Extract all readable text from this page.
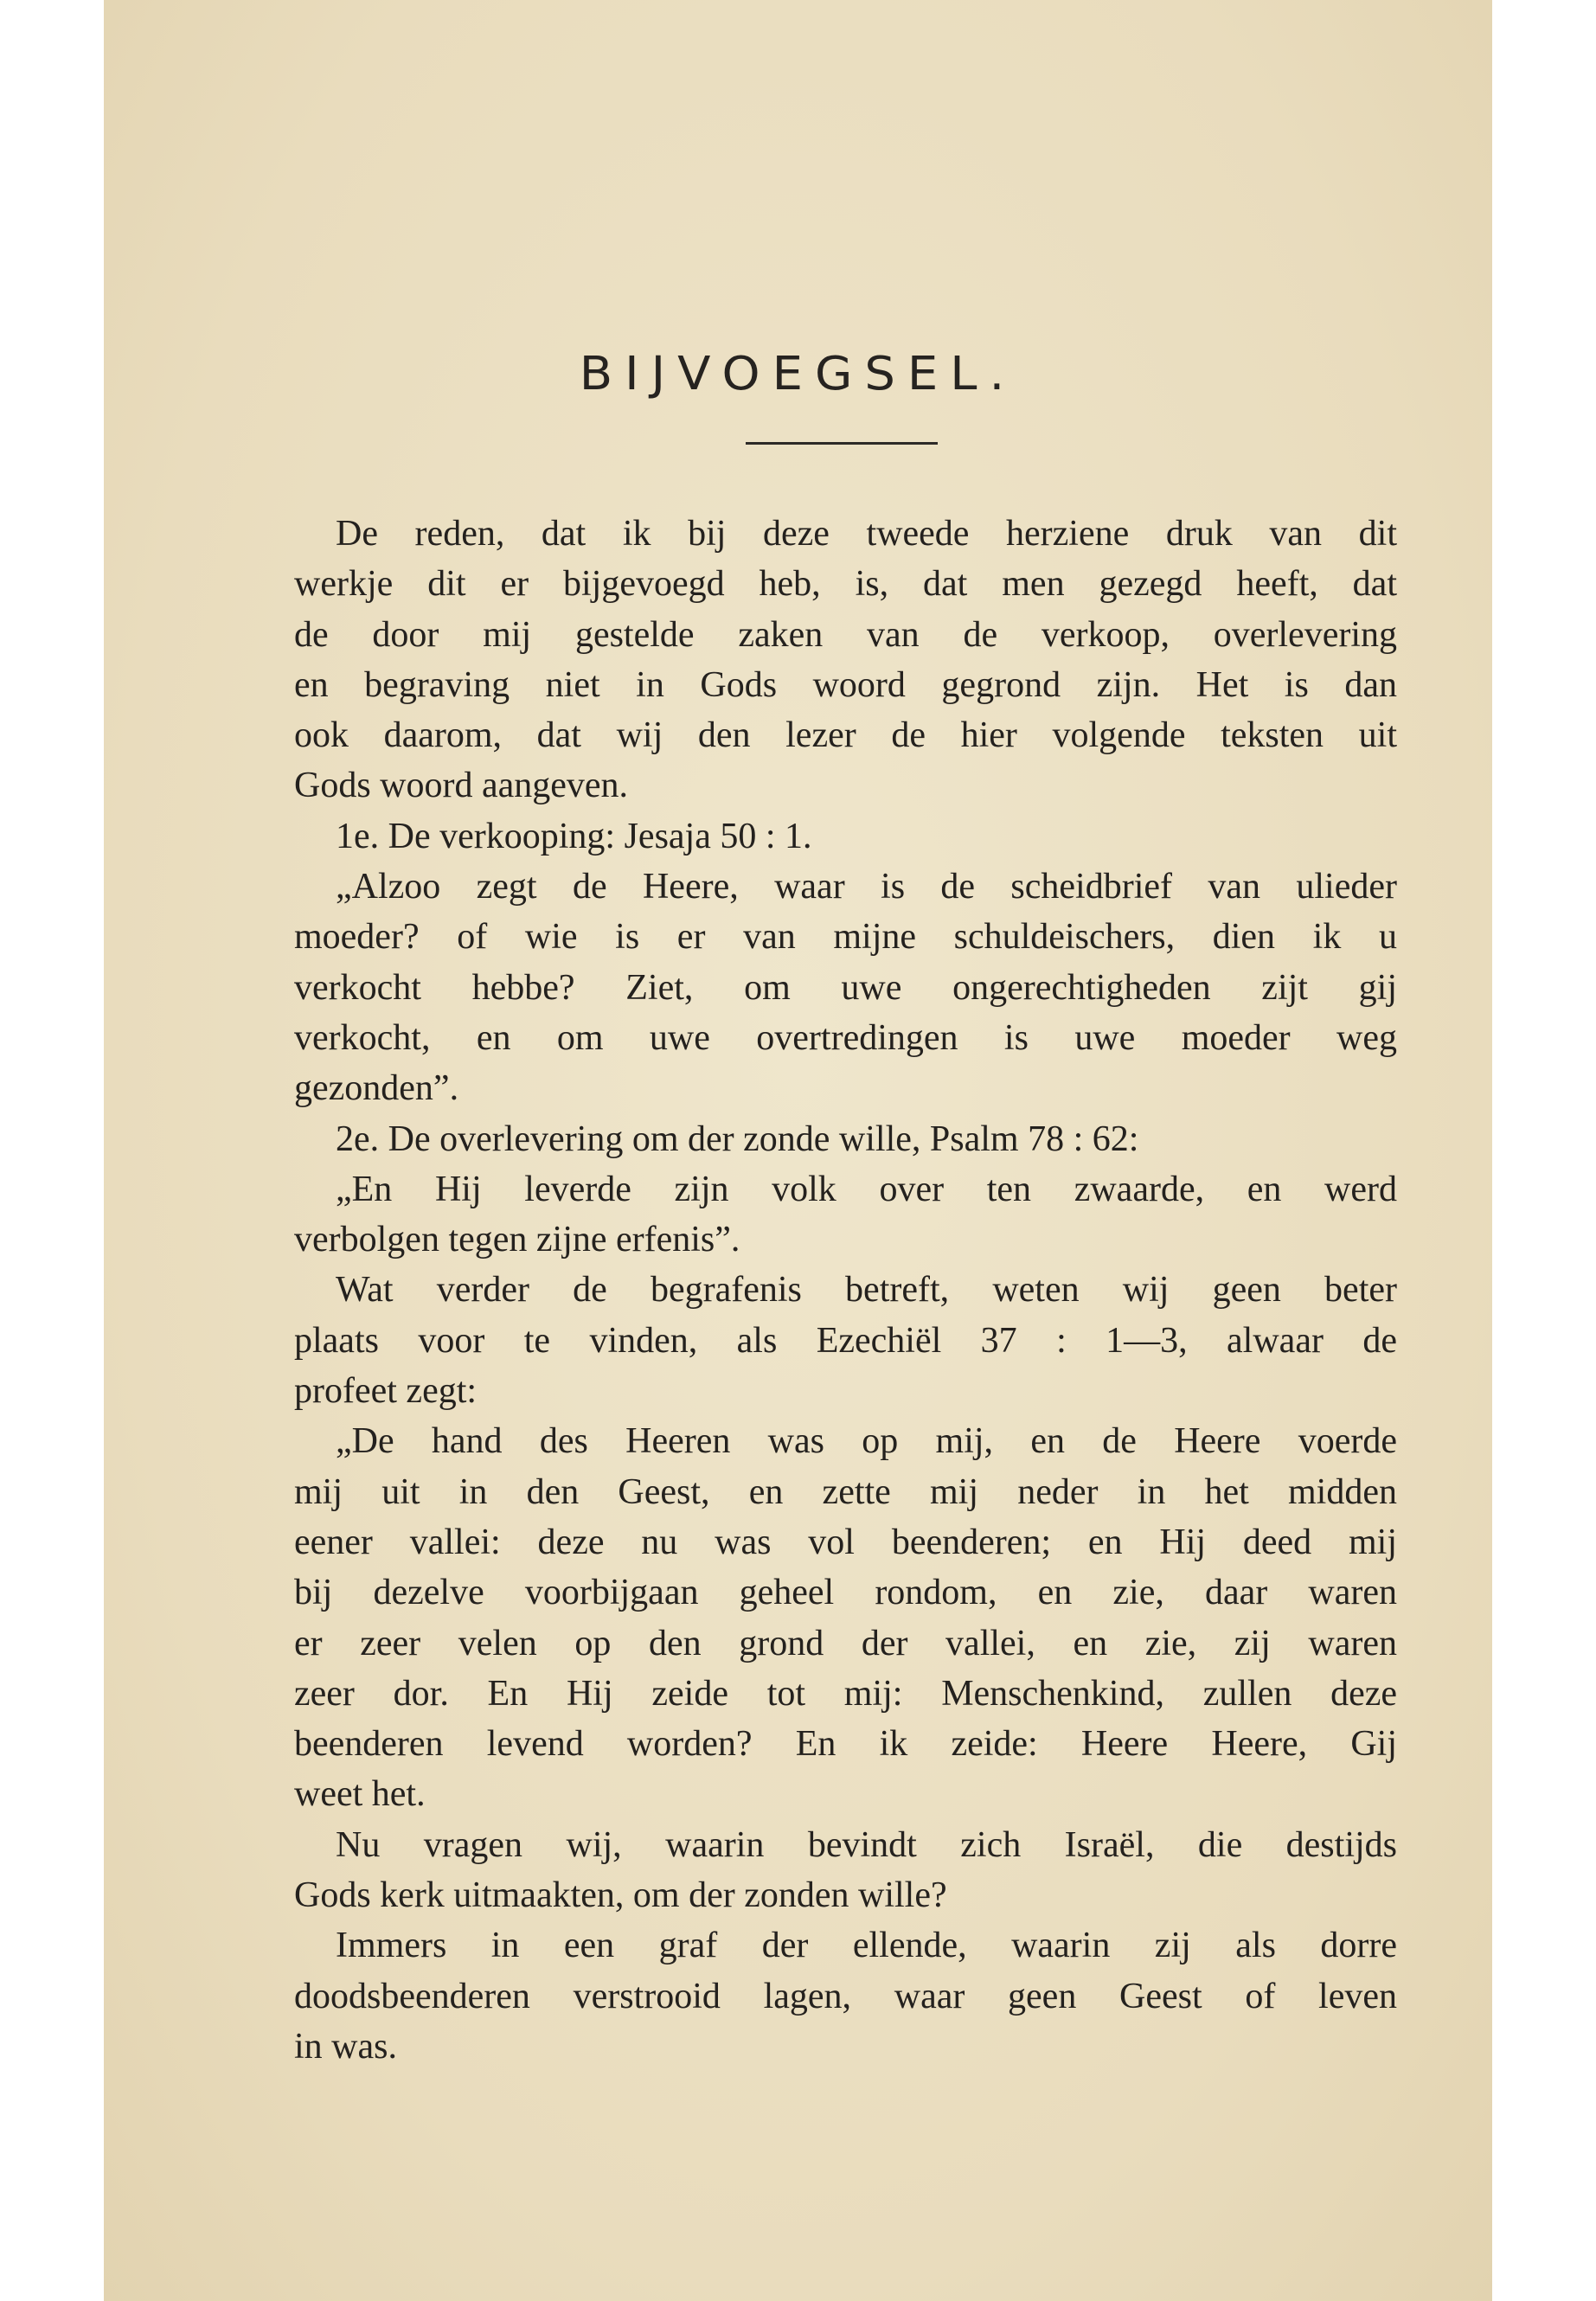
BIJVOEGSEL.

De reden, dat ik bij deze tweede herziene druk van dit

werkje dit er bijgevoegd heb, is, dat men gezegd heeft, dat

de door mij gestelde zaken van de verkoop, overlevering

en begraving niet in Gods woord gegrond zijn. Het is dan

ook daarom, dat wij den lezer de hier volgende teksten uit

Gods woord aangeven.

1e. De verkooping: Jesaja 50 : 1.

„Alzoo zegt de Heere, waar is de scheidbrief van ulieder

moeder? of wie is er van mijne schuldeischers, dien ik u

verkocht hebbe? Ziet, om uwe ongerechtigheden zijt gij

verkocht, en om uwe overtredingen is uwe moeder weg

gezonden”.

2e. De overlevering om der zonde wille, Psalm 78 : 62:

„En Hij leverde zijn volk over ten zwaarde, en werd

verbolgen tegen zijne erfenis”.

Wat verder de begrafenis betreft, weten wij geen beter

plaats voor te vinden, als Ezechiël 37 : 1—3, alwaar de

profeet zegt:

„De hand des Heeren was op mij, en de Heere voerde

mij uit in den Geest, en zette mij neder in het midden

eener vallei: deze nu was vol beenderen; en Hij deed mij

bij dezelve voorbijgaan geheel rondom, en zie, daar waren

er zeer velen op den grond der vallei, en zie, zij waren

zeer dor. En Hij zeide tot mij: Menschenkind, zullen deze

beenderen levend worden? En ik zeide: Heere Heere, Gij

weet het.

Nu vragen wij, waarin bevindt zich Israël, die destijds

Gods kerk uitmaakten, om der zonden wille?

Immers in een graf der ellende, waarin zij als dorre

doodsbeenderen verstrooid lagen, waar geen Geest of leven

in was.
